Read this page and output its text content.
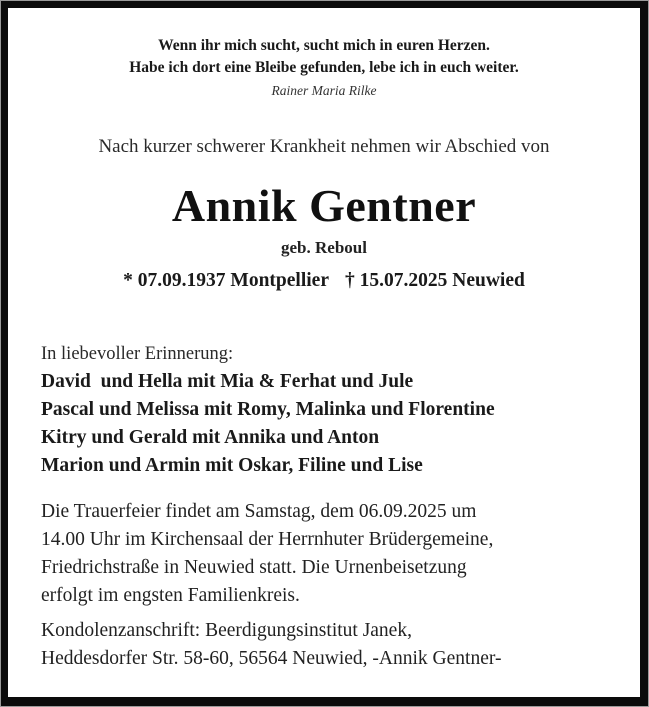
Wenn ihr mich sucht, sucht mich in euren Herzen.
Habe ich dort eine Bleibe gefunden, lebe ich in euch weiter.
Rainer Maria Rilke
Nach kurzer schwerer Krankheit nehmen wir Abschied von
Annik Gentner
geb. Reboul
* 07.09.1937 Montpellier † 15.07.2025 Neuwied
In liebevoller Erinnerung:
David  und Hella mit Mia & Ferhat und Jule
Pascal und Melissa mit Romy, Malinka und Florentine
Kitry und Gerald mit Annika und Anton
Marion und Armin mit Oskar, Filine und Lise
Die Trauerfeier findet am Samstag, dem 06.09.2025 um
14.00 Uhr im Kirchensaal der Herrnhuter Brüdergemeine,
Friedrichstraße in Neuwied statt. Die Urnenbeisetzung
erfolgt im engsten Familienkreis.
Kondolenzanschrift: Beerdigungsinstitut Janek,
Heddesdorfer Str. 58-60, 56564 Neuwied, -Annik Gentner-
